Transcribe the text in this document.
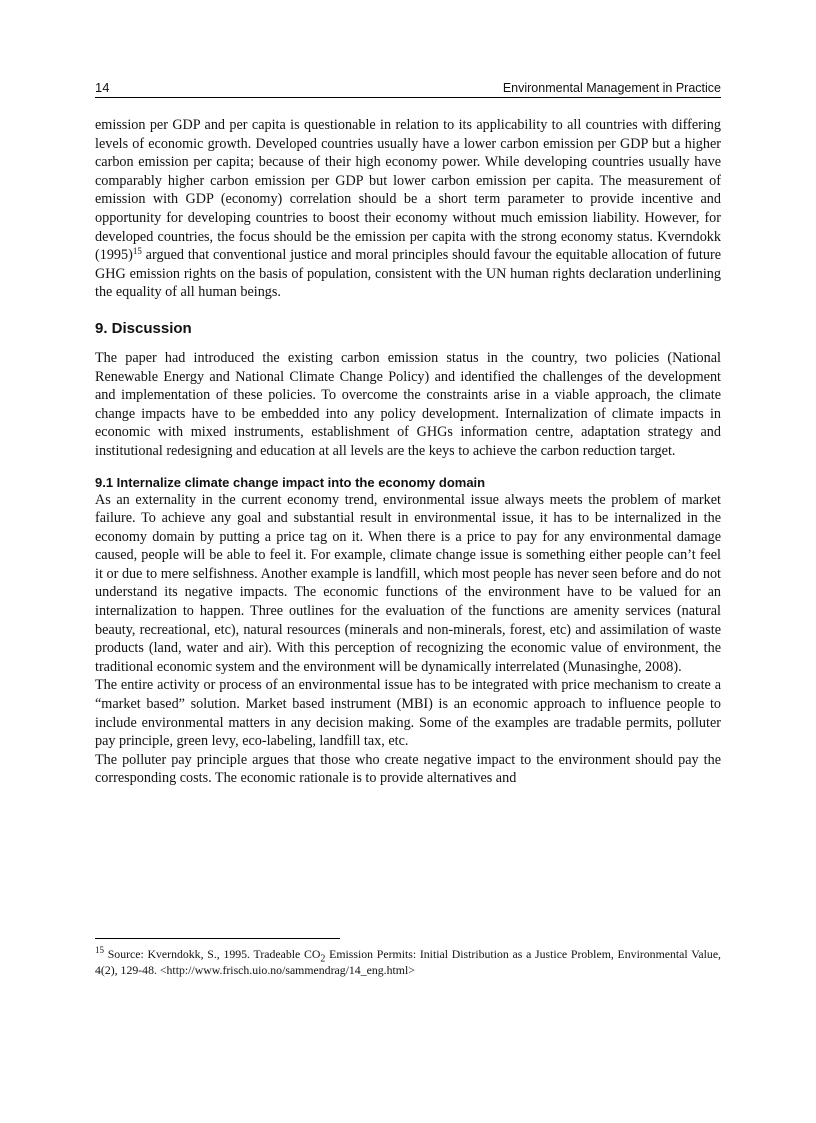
14	Environmental Management in Practice

emission per GDP and per capita is questionable in relation to its applicability to all countries with differing levels of economic growth. Developed countries usually have a lower carbon emission per GDP but a higher carbon emission per capita; because of their high economy power. While developing countries usually have comparably higher carbon emission per GDP but lower carbon emission per capita. The measurement of emission with GDP (economy) correlation should be a short term parameter to provide incentive and opportunity for developing countries to boost their economy without much emission liability. However, for developed countries, the focus should be the emission per capita with the strong economy status. Kverndokk $(1995)^{15}$ argued that conventional justice and moral principles should favour the equitable allocation of future GHG emission rights on the basis of population, consistent with the UN human rights declaration underlining the equality of all human beings.

9. Discussion

The paper had introduced the existing carbon emission status in the country, two policies (National Renewable Energy and National Climate Change Policy) and identified the challenges of the development and implementation of these policies. To overcome the constraints arise in a viable approach, the climate change impacts have to be embedded into any policy development. Internalization of climate impacts in economic with mixed instruments, establishment of GHGs information centre, adaptation strategy and institutional redesigning and education at all levels are the keys to achieve the carbon reduction target.

9.1 Internalize climate change impact into the economy domain

As an externality in the current economy trend, environmental issue always meets the problem of market failure. To achieve any goal and substantial result in environmental issue, it has to be internalized in the economy domain by putting a price tag on it. When there is a price to pay for any environmental damage caused, people will be able to feel it. For example, climate change issue is something either people can’t feel it or due to mere selfishness. Another example is landfill, which most people has never seen before and do not understand its negative impacts. The economic functions of the environment have to be valued for an internalization to happen. Three outlines for the evaluation of the functions are amenity services (natural beauty, recreational, etc), natural resources (minerals and non-minerals, forest, etc) and assimilation of waste products (land, water and air). With this perception of recognizing the economic value of environment, the traditional economic system and the environment will be dynamically interrelated (Munasinghe, 2008).

The entire activity or process of an environmental issue has to be integrated with price mechanism to create a “market based” solution. Market based instrument (MBI) is an economic approach to influence people to include environmental matters in any decision making. Some of the examples are tradable permits, polluter pay principle, green levy, eco-labeling, landfill tax, etc.

The polluter pay principle argues that those who create negative impact to the environment should pay the corresponding costs. The economic rationale is to provide alternatives and

$^{15}$ Source: Kverndokk, S., 1995. Tradeable $CO_2$ Emission Permits: Initial Distribution as a Justice Problem, Environmental Value, 4(2), 129-48. <http://www.frisch.uio.no/sammendrag/14_eng.html>
